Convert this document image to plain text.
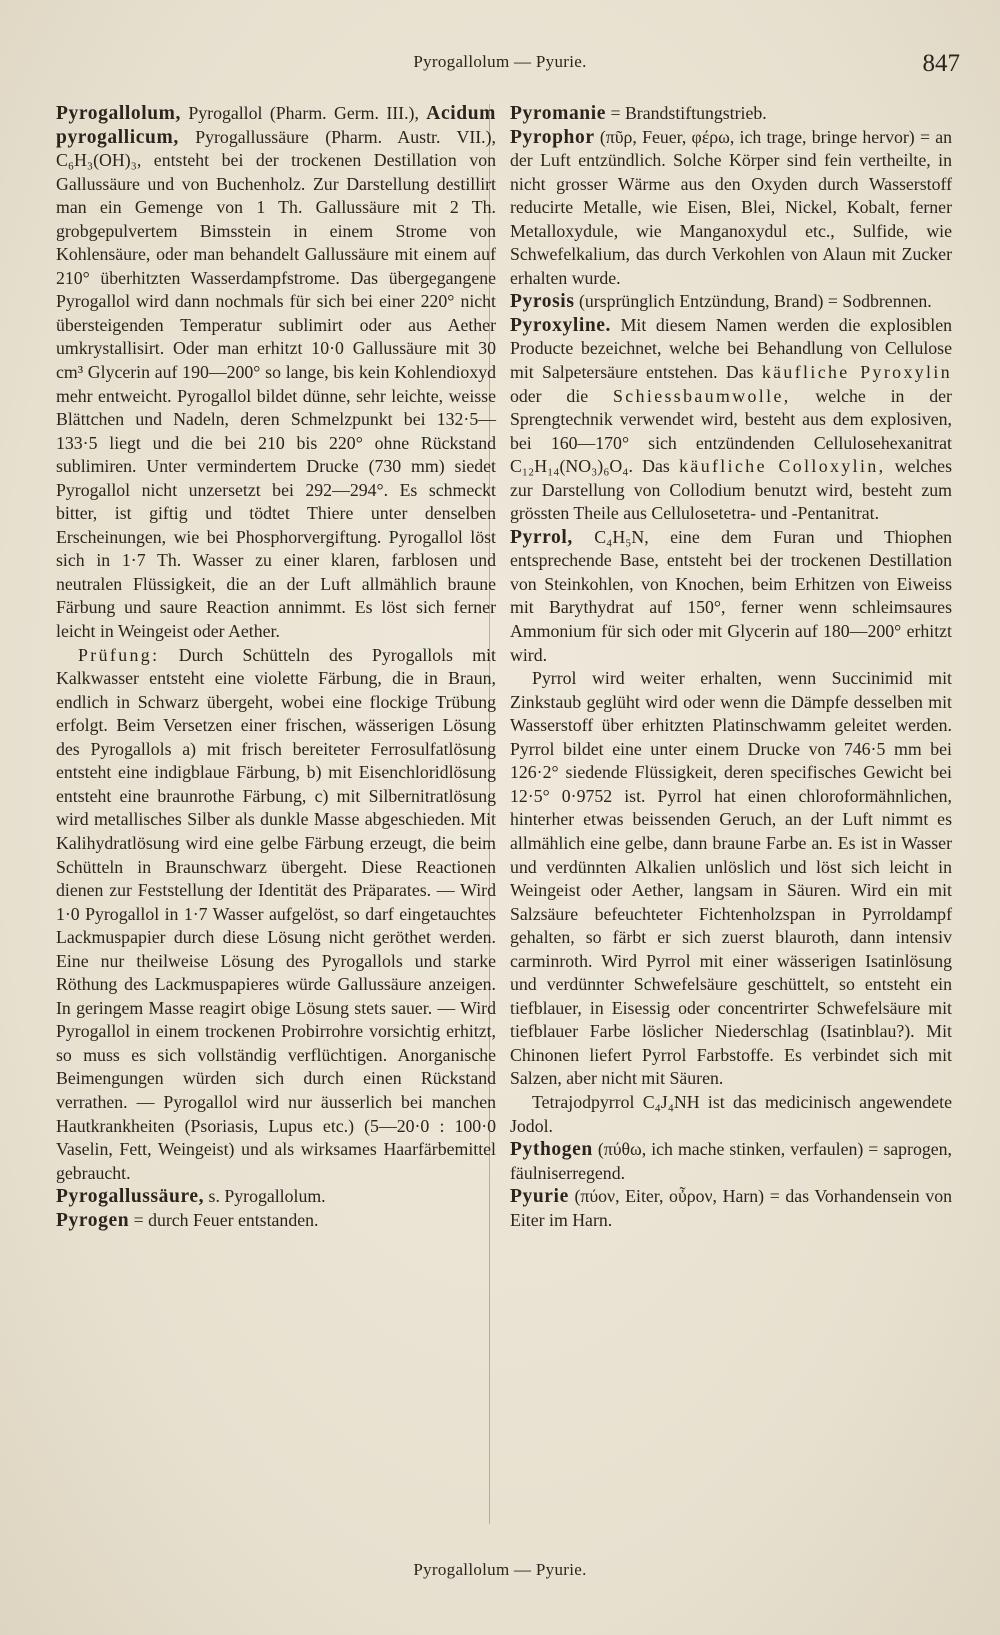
Pyrogallolum — Pyurie.	847

Pyrogallolum, Pyrogallol (Pharm. Germ. III.), Acidum pyrogallicum, Pyrogallussäure (Pharm. Austr. VII.), C₆H₃(OH)₃, entsteht bei der trockenen Destillation von Gallussäure und von Buchenholz. Zur Darstellung destillirt man ein Gemenge von 1 Th. Gallussäure mit 2 Th. grobgepulvertem Bimsstein in einem Strome von Kohlensäure, oder man behandelt Gallussäure mit einem auf 210° überhitzten Wasserdampfstrome. Das übergegangene Pyrogallol wird dann nochmals für sich bei einer 220° nicht übersteigenden Temperatur sublimirt oder aus Aether umkrystallisirt. Oder man erhitzt 10·0 Gallussäure mit 30 cm³ Glycerin auf 190—200° so lange, bis kein Kohlendioxyd mehr entweicht. Pyrogallol bildet dünne, sehr leichte, weisse Blättchen und Nadeln, deren Schmelzpunkt bei 132·5—133·5 liegt und die bei 210 bis 220° ohne Rückstand sublimiren. Unter vermindertem Drucke (730 mm) siedet Pyrogallol nicht unzersetzt bei 292—294°. Es schmeckt bitter, ist giftig und tödtet Thiere unter denselben Erscheinungen, wie bei Phosphorvergiftung. Pyrogallol löst sich in 1·7 Th. Wasser zu einer klaren, farblosen und neutralen Flüssigkeit, die an der Luft allmählich braune Färbung und saure Reaction annimmt. Es löst sich ferner leicht in Weingeist oder Aether.

Prüfung: Durch Schütteln des Pyrogallols mit Kalkwasser entsteht eine violette Färbung, die in Braun, endlich in Schwarz übergeht, wobei eine flockige Trübung erfolgt. Beim Versetzen einer frischen, wässerigen Lösung des Pyrogallols a) mit frisch bereiteter Ferrosulfatlösung entsteht eine indigblaue Färbung, b) mit Eisenchloridlösung entsteht eine braunrothe Färbung, c) mit Silbernitratlösung wird metallisches Silber als dunkle Masse abgeschieden. Mit Kalihydratlösung wird eine gelbe Färbung erzeugt, die beim Schütteln in Braunschwarz übergeht. Diese Reactionen dienen zur Feststellung der Identität des Präparates. — Wird 1·0 Pyrogallol in 1·7 Wasser aufgelöst, so darf eingetauchtes Lackmuspapier durch diese Lösung nicht geröthet werden. Eine nur theilweise Lösung des Pyrogallols und starke Röthung des Lackmuspapieres würde Gallussäure anzeigen. In geringem Masse reagirt obige Lösung stets sauer. — Wird Pyrogallol in einem trockenen Probirrohre vorsichtig erhitzt, so muss es sich vollständig verflüchtigen. Anorganische Beimengungen würden sich durch einen Rückstand verrathen. — Pyrogallol wird nur äusserlich bei manchen Hautkrankheiten (Psoriasis, Lupus etc.) (5—20·0 : 100·0 Vaselin, Fett, Weingeist) und als wirksames Haarfärbemittel gebraucht.

Pyrogallussäure, s. Pyrogallolum.

Pyrogen = durch Feuer entstanden.

Pyromanie = Brandstiftungstrieb.

Pyrophor (πῦρ, Feuer, φέρω, ich trage, bringe hervor) = an der Luft entzündlich. Solche Körper sind fein vertheilte, in nicht grosser Wärme aus den Oxyden durch Wasserstoff reducirte Metalle, wie Eisen, Blei, Nickel, Kobalt, ferner Metalloxydule, wie Manganoxydul etc., Sulfide, wie Schwefelkalium, das durch Verkohlen von Alaun mit Zucker erhalten wurde.

Pyrosis (ursprünglich Entzündung, Brand) = Sodbrennen.

Pyroxyline. Mit diesem Namen werden die explosiblen Producte bezeichnet, welche bei Behandlung von Cellulose mit Salpetersäure entstehen. Das käufliche Pyroxylin oder die Schiessbaumwolle, welche in der Sprengtechnik verwendet wird, besteht aus dem explosiven, bei 160—170° sich entzündenden Cellulosehexanitrat C₁₂H₁₄(NO₃)₆O₄. Das käufliche Colloxylin, welches zur Darstellung von Collodium benutzt wird, besteht zum grössten Theile aus Cellulosetetra- und -Pentanitrat.

Pyrrol, C₄H₅N, eine dem Furan und Thiophen entsprechende Base, entsteht bei der trockenen Destillation von Steinkohlen, von Knochen, beim Erhitzen von Eiweiss mit Barythydrat auf 150°, ferner wenn schleimsaures Ammonium für sich oder mit Glycerin auf 180—200° erhitzt wird.

Pyrrol wird weiter erhalten, wenn Succinimid mit Zinkstaub geglüht wird oder wenn die Dämpfe desselben mit Wasserstoff über erhitzten Platinschwamm geleitet werden. Pyrrol bildet eine unter einem Drucke von 746·5 mm bei 126·2° siedende Flüssigkeit, deren specifisches Gewicht bei 12·5° 0·9752 ist. Pyrrol hat einen chloroformähnlichen, hinterher etwas beissenden Geruch, an der Luft nimmt es allmählich eine gelbe, dann braune Farbe an. Es ist in Wasser und verdünnten Alkalien unlöslich und löst sich leicht in Weingeist oder Aether, langsam in Säuren. Wird ein mit Salzsäure befeuchteter Fichtenholzspan in Pyrroldampf gehalten, so färbt er sich zuerst blauroth, dann intensiv carminroth. Wird Pyrrol mit einer wässerigen Isatinlösung und verdünnter Schwefelsäure geschüttelt, so entsteht ein tiefblauer, in Eisessig oder concentrirter Schwefelsäure mit tiefblauer Farbe löslicher Niederschlag (Isatinblau?). Mit Chinonen liefert Pyrrol Farbstoffe. Es verbindet sich mit Salzen, aber nicht mit Säuren.

Tetrajodpyrrol C₄J₄NH ist das medicinisch angewendete Jodol.

Pythogen (πύθω, ich mache stinken, verfaulen) = saprogen, fäulniserregend.

Pyurie (πύον, Eiter, οὖρον, Harn) = das Vorhandensein von Eiter im Harn.

Pyrogallolum — Pyurie.
